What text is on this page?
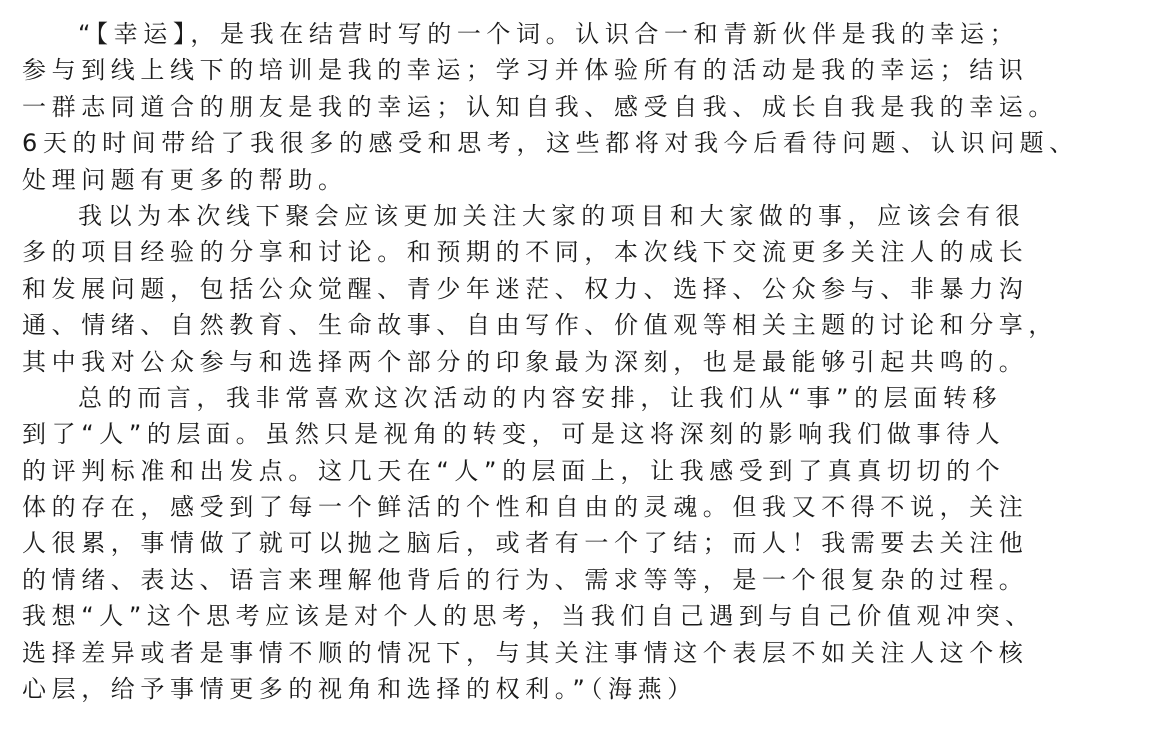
“【幸运】，是我在结营时写的一个词。认识合一和青新伙伴是我的幸运；
参与到线上线下的培训是我的幸运；学习并体验所有的活动是我的幸运；结识
一群志同道合的朋友是我的幸运；认知自我、感受自我、成长自我是我的幸运。
6天的时间带给了我很多的感受和思考，这些都将对我今后看待问题、认识问题、
处理问题有更多的帮助。
我以为本次线下聚会应该更加关注大家的项目和大家做的事，应该会有很
多的项目经验的分享和讨论。和预期的不同，本次线下交流更多关注人的成长
和发展问题，包括公众觉醒、青少年迷茫、权力、选择、公众参与、非暴力沟
通、情绪、自然教育、生命故事、自由写作、价值观等相关主题的讨论和分享，
其中我对公众参与和选择两个部分的印象最为深刻，也是最能够引起共鸣的。
总的而言，我非常喜欢这次活动的内容安排，让我们从“事”的层面转移
到了“人”的层面。虽然只是视角的转变，可是这将深刻的影响我们做事待人
的评判标准和出发点。这几天在“人”的层面上，让我感受到了真真切切的个
体的存在，感受到了每一个鲜活的个性和自由的灵魂。但我又不得不说，关注
人很累，事情做了就可以抛之脑后，或者有一个了结；而人！我需要去关注他
的情绪、表达、语言来理解他背后的行为、需求等等，是一个很复杂的过程。
我想“人”这个思考应该是对个人的思考，当我们自己遇到与自己价值观冲突、
选择差异或者是事情不顺的情况下，与其关注事情这个表层不如关注人这个核
心层，给予事情更多的视角和选择的权利。”（海燕）
